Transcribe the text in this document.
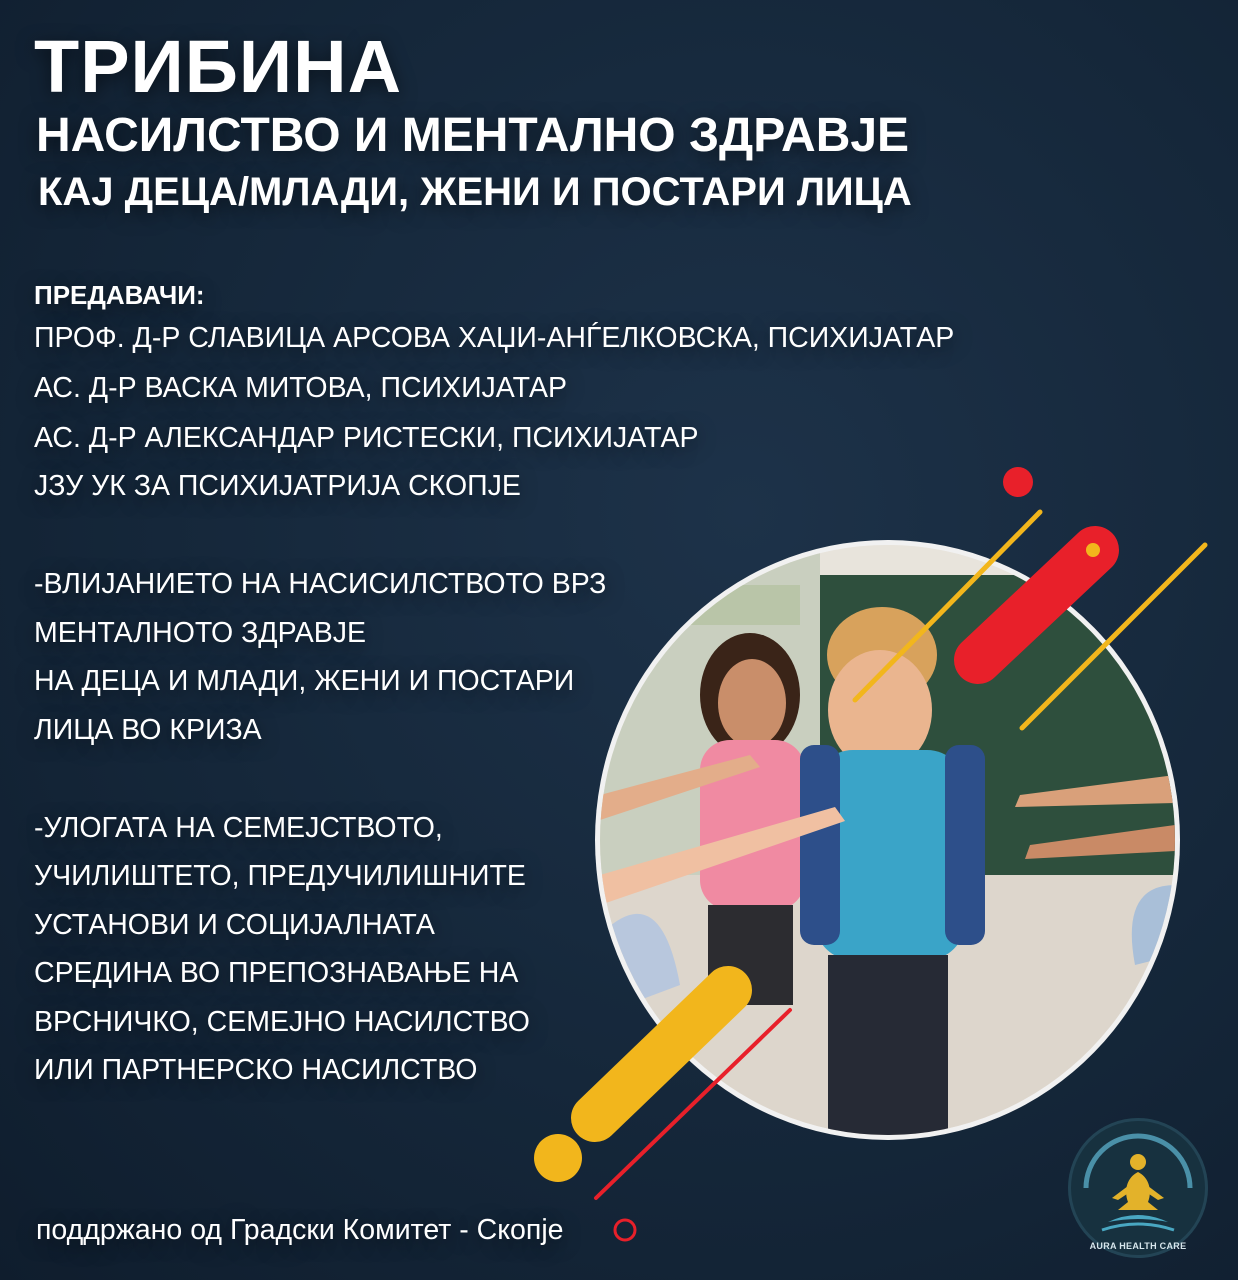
ТРИБИНА
НАСИЛСТВО И МЕНТАЛНО ЗДРАВЈЕ
КАЈ ДЕЦА/МЛАДИ, ЖЕНИ И ПОСТАРИ ЛИЦА
ПРЕДАВАЧИ:
ПРОФ. Д-Р СЛАВИЦА АРСОВА ХАЏИ-АНЃЕЛКОВСКА, ПСИХИЈАТАР
АС. Д-Р ВАСКА МИТОВА, ПСИХИЈАТАР
АС. Д-Р АЛЕКСАНДАР РИСТЕСКИ, ПСИХИЈАТАР
ЈЗУ УК ЗА ПСИХИЈАТРИЈА СКОПЈЕ
-ВЛИЈАНИЕТО НА НАСИСИЛСТВОТО ВРЗ
МЕНТАЛНОТО ЗДРАВЈЕ
НА ДЕЦА И МЛАДИ, ЖЕНИ И ПОСТАРИ
ЛИЦА ВО КРИЗА
-УЛОГАТА НА СЕМЕЈСТВОТО,
УЧИЛИШТЕТО, ПРЕДУЧИЛИШНИТЕ
УСТАНОВИ И СОЦИЈАЛНАТА
СРЕДИНА ВО ПРЕПОЗНАВАЊЕ НА
ВРСНИЧКО, СЕМЕЈНО НАСИЛСТВО
ИЛИ ПАРТНЕРСКО НАСИЛСТВО
поддржано од Градски Комитет - Скопје	AURA HEALTH CARE
